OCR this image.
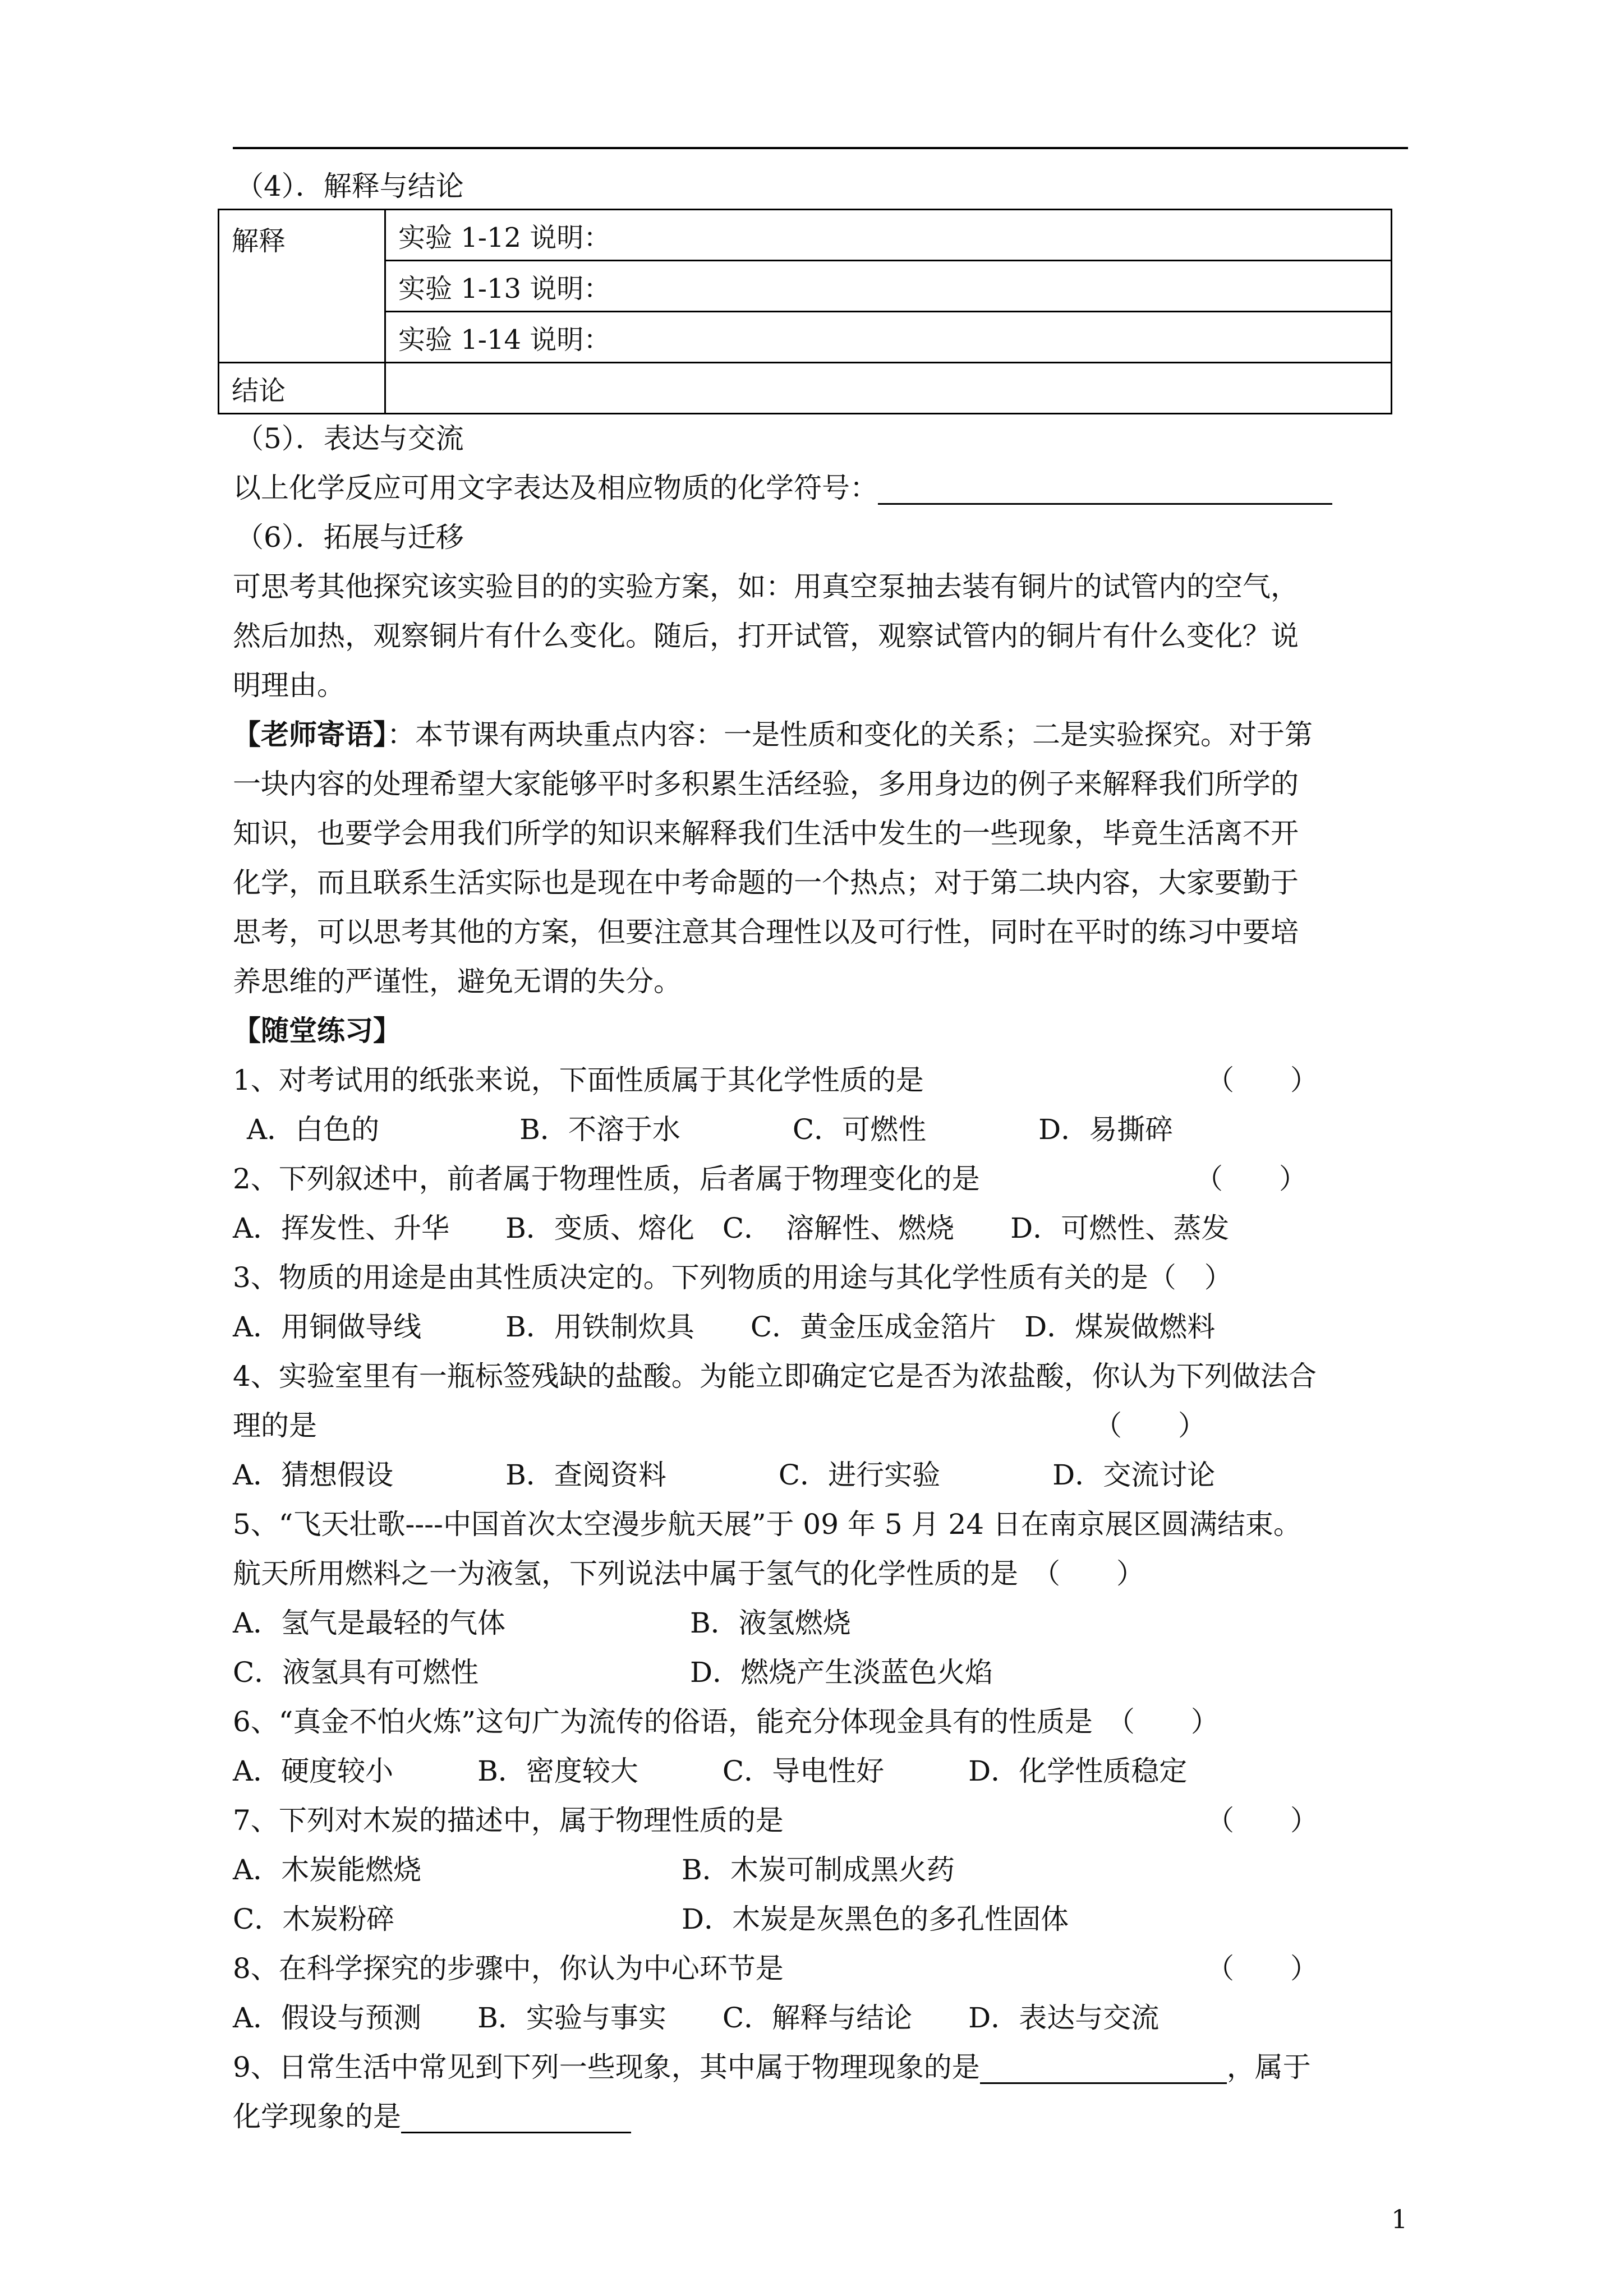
（4）．解释与结论
解释	实验 1-12 说明：
	实验 1-13 说明：
	实验 1-14 说明：
结论	
（5）．表达与交流
以上化学反应可用文字表达及相应物质的化学符号：
（6）．拓展与迁移
可思考其他探究该实验目的的实验方案，如：用真空泵抽去装有铜片的试管内的空气，
然后加热，观察铜片有什么变化。随后，打开试管，观察试管内的铜片有什么变化？说
明理由。
【老师寄语】：本节课有两块重点内容：一是性质和变化的关系；二是实验探究。对于第
一块内容的处理希望大家能够平时多积累生活经验，多用身边的例子来解释我们所学的
知识，也要学会用我们所学的知识来解释我们生活中发生的一些现象，毕竟生活离不开
化学，而且联系生活实际也是现在中考命题的一个热点；对于第二块内容，大家要勤于
思考，可以思考其他的方案，但要注意其合理性以及可行性，同时在平时的练习中要培
养思维的严谨性，避免无谓的失分。
【随堂练习】
1、对考试用的纸张来说，下面性质属于其化学性质的是	（　　）
A．白色的　　　　　B．不溶于水　　　　C．可燃性　　　　D．易撕碎
2、下列叙述中，前者属于物理性质，后者属于物理变化的是	（　　）
A．挥发性、升华　　B．变质、熔化　C．　溶解性、燃烧　　D．可燃性、蒸发
3、物质的用途是由其性质决定的。下列物质的用途与其化学性质有关的是（　）
A．用铜做导线　　　B．用铁制炊具　　C．黄金压成金箔片　D．煤炭做燃料
4、实验室里有一瓶标签残缺的盐酸。为能立即确定它是否为浓盐酸，你认为下列做法合
理的是	（　　）
A．猜想假设　　　　B．查阅资料　　　　C．进行实验　　　　D．交流讨论
5、“飞天壮歌----中国首次太空漫步航天展”于 09 年 5 月 24 日在南京展区圆满结束。
航天所用燃料之一为液氢，下列说法中属于氢气的化学性质的是　（　　）
A．氢气是最轻的气体	B．液氢燃烧
C．液氢具有可燃性	D．燃烧产生淡蓝色火焰
6、“真金不怕火炼”这句广为流传的俗语，能充分体现金具有的性质是　（　　）
A．硬度较小　　　B．密度较大　　　C．导电性好　　　D．化学性质稳定
7、下列对木炭的描述中，属于物理性质的是	（　　）
A．木炭能燃烧	B．木炭可制成黑火药
C．木炭粉碎	D．木炭是灰黑色的多孔性固体
8、在科学探究的步骤中，你认为中心环节是	（　　）
A．假设与预测　　B．实验与事实　　C．解释与结论　　D．表达与交流
9、日常生活中常见到下列一些现象，其中属于物理现象的是	，属于
化学现象的是
1
